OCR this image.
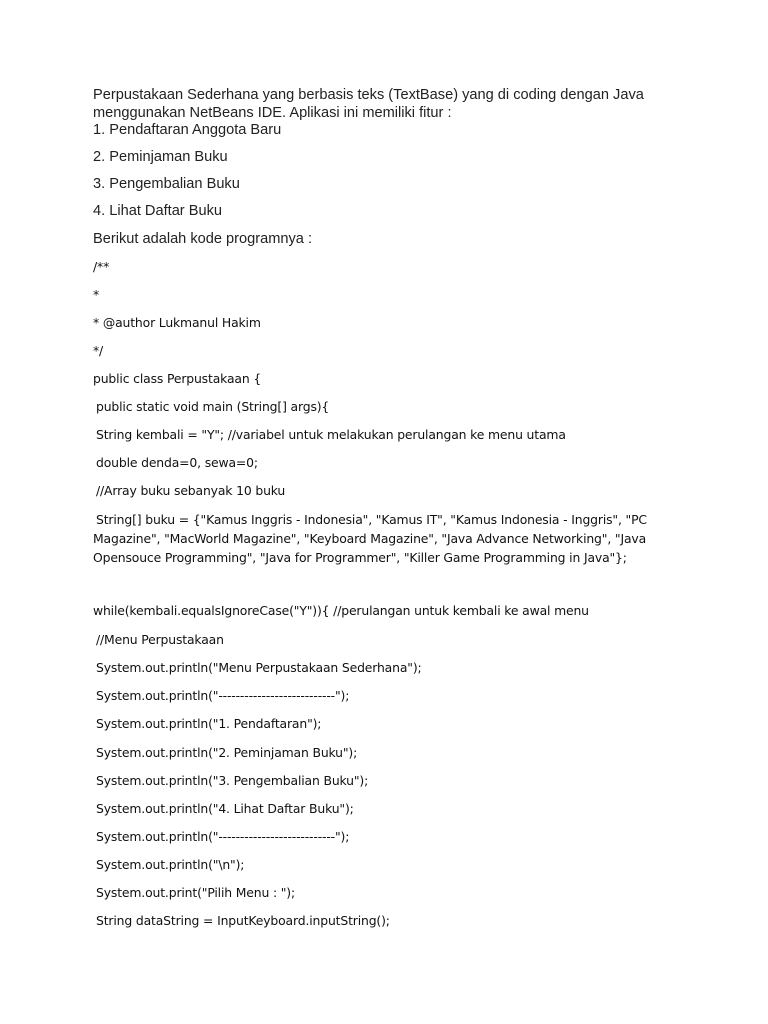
Perpustakaan Sederhana yang berbasis teks (TextBase) yang di coding dengan Java
menggunakan NetBeans IDE. Aplikasi ini memiliki fitur :
1. Pendaftaran Anggota Baru
2. Peminjaman Buku
3. Pengembalian Buku
4. Lihat Daftar Buku
Berikut adalah kode programnya :
/**
*
* @author Lukmanul Hakim
*/
public class Perpustakaan {
public static void main (String[] args){
String kembali = "Y"; //variabel untuk melakukan perulangan ke menu utama
double denda=0, sewa=0;
//Array buku sebanyak 10 buku
String[] buku = {"Kamus Inggris - Indonesia", "Kamus IT", "Kamus Indonesia - Inggris", "PC
Magazine", "MacWorld Magazine", "Keyboard Magazine", "Java Advance Networking", "Java
Opensouce Programming", "Java for Programmer", "Killer Game Programming in Java"};
while(kembali.equalsIgnoreCase("Y")){ //perulangan untuk kembali ke awal menu
//Menu Perpustakaan
System.out.println("Menu Perpustakaan Sederhana");
System.out.println("---------------------------");
System.out.println("1. Pendaftaran");
System.out.println("2. Peminjaman Buku");
System.out.println("3. Pengembalian Buku");
System.out.println("4. Lihat Daftar Buku");
System.out.println("---------------------------");
System.out.println("\n");
System.out.print("Pilih Menu : ");
String dataString = InputKeyboard.inputString();
